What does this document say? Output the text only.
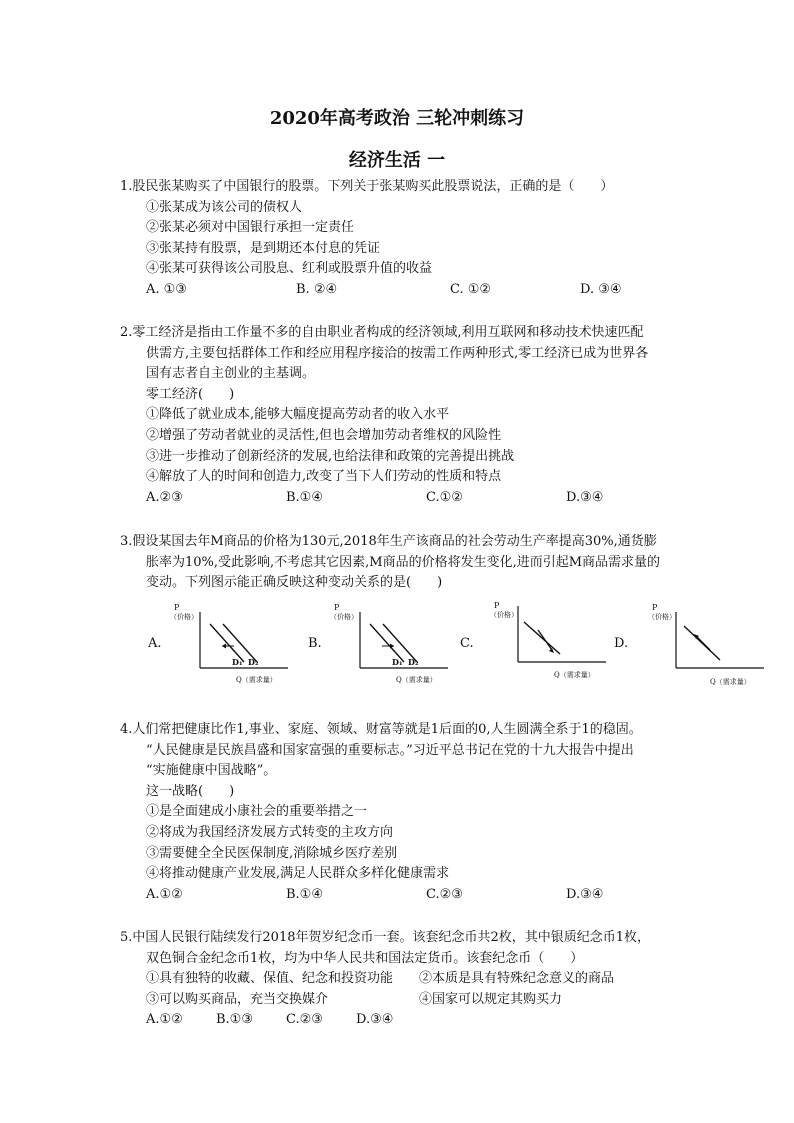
2020年高考政治 三轮冲刺练习
经济生活 一
1.股民张某购买了中国银行的股票。下列关于张某购买此股票说法，正确的是（　　）
①张某成为该公司的债权人
②张某必须对中国银行承担一定责任
③张某持有股票，是到期还本付息的凭证
④张某可获得该公司股息、红利或股票升值的收益
A. ①③	B. ②④	C. ①②	D. ③④
2.零工经济是指由工作量不多的自由职业者构成的经济领域,利用互联网和移动技术快速匹配
供需方,主要包括群体工作和经应用程序接洽的按需工作两种形式,零工经济已成为世界各
国有志者自主创业的主基调。
零工经济(　　)
①降低了就业成本,能够大幅度提高劳动者的收入水平
②增强了劳动者就业的灵活性,但也会增加劳动者维权的风险性
③进一步推动了创新经济的发展,也给法律和政策的完善提出挑战
④解放了人的时间和创造力,改变了当下人们劳动的性质和特点
A.②③	B.①④	C.①②	D.③④
3.假设某国去年M商品的价格为130元,2018年生产该商品的社会劳动生产率提高30%,通货膨
胀率为10%,受此影响,不考虑其它因素,M商品的价格将发生变化,进而引起M商品需求量的
变动。下列图示能正确反映这种变动关系的是(　　)
A.
P
（价格）
D₁ D₂
Q（需求量）
B.
P
（价格）
D₁ D₂
Q（需求量）
C.
P
（价格）
Q（需求量）
D.
P
（价格）
Q（需求量）
4.人们常把健康比作1,事业、家庭、领域、财富等就是1后面的0,人生圆满全系于1的稳固。
“人民健康是民族昌盛和国家富强的重要标志。”习近平总书记在党的十九大报告中提出
“实施健康中国战略”。
这一战略(　　)
①是全面建成小康社会的重要举措之一
②将成为我国经济发展方式转变的主攻方向
③需要健全全民医保制度,消除城乡医疗差别
④将推动健康产业发展,满足人民群众多样化健康需求
A.①②	B.①④	C.②③	D.③④
5.中国人民银行陆续发行2018年贺岁纪念币一套。该套纪念币共2枚，其中银质纪念币1枚，
双色铜合金纪念币1枚，均为中华人民共和国法定货币。该套纪念币（　　）
①具有独特的收藏、保值、纪念和投资功能　　②本质是具有特殊纪念意义的商品
③可以购买商品，充当交换媒介　　　　　　　④国家可以规定其购买力
A.①②	B.①③	C.②③	D.③④
